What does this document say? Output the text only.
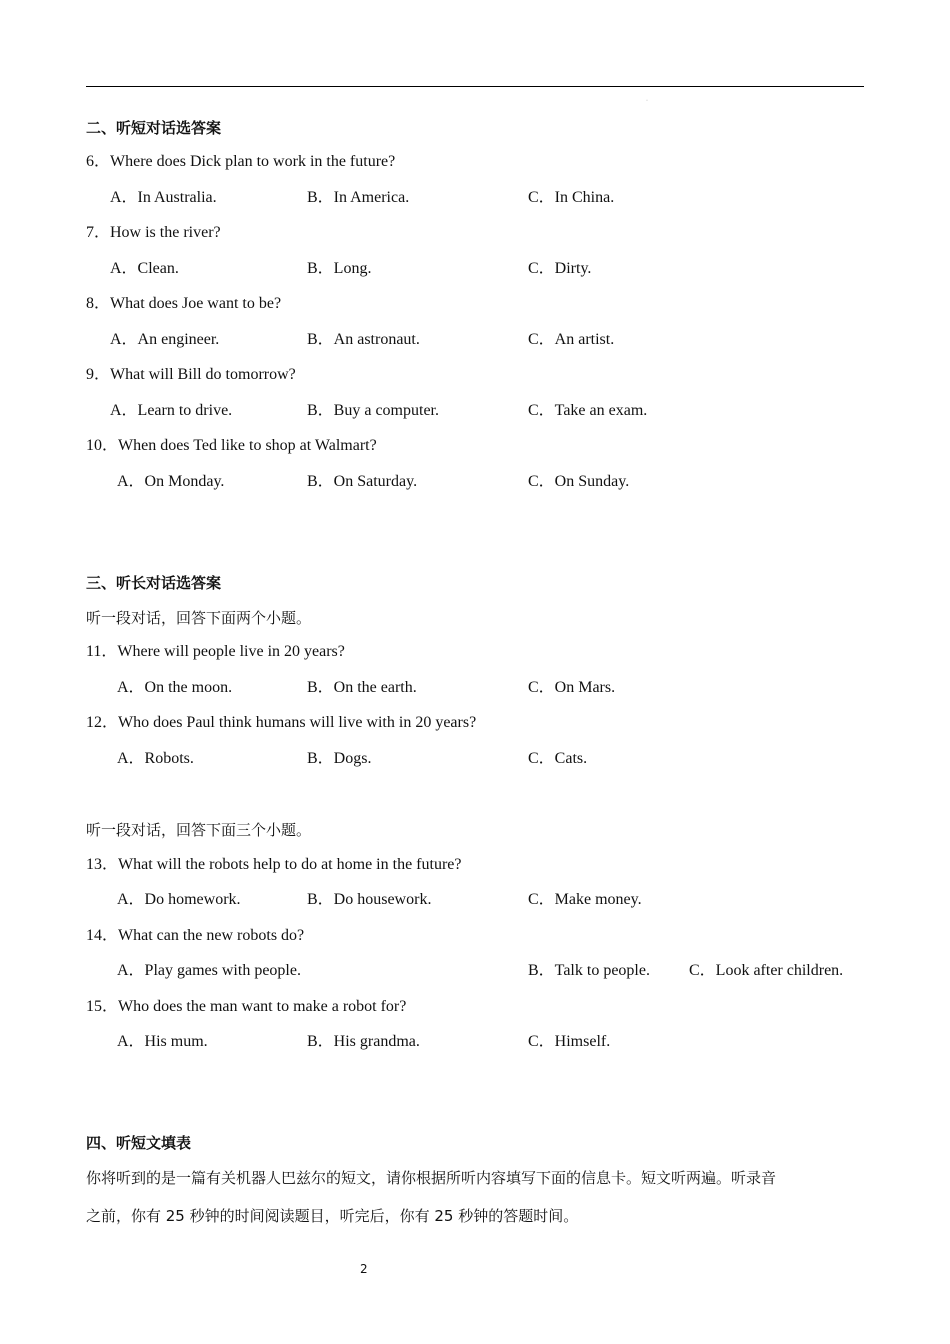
·
二、听短对话选答案
6．Where does Dick plan to work in the future?
A．In Australia.	B．In America.	C．In China.
7．How is the river?
A．Clean.	B．Long.	C．Dirty.
8．What does Joe want to be?
A．An engineer.	B．An astronaut.	C．An artist.
9．What will Bill do tomorrow?
A．Learn to drive.	B．Buy a computer.	C．Take an exam.
10．When does Ted like to shop at Walmart?
A．On Monday.	B．On Saturday.	C．On Sunday.
三、听长对话选答案
听一段对话，回答下面两个小题。
11．Where will people live in 20 years?
A．On the moon.	B．On the earth.	C．On Mars.
12．Who does Paul think humans will live with in 20 years?
A．Robots.	B．Dogs.	C．Cats.
听一段对话，回答下面三个小题。
13．What will the robots help to do at home in the future?
A．Do homework.	B．Do housework.	C．Make money.
14．What can the new robots do?
A．Play games with people.	B．Talk to people. C．Look after children.
15．Who does the man want to make a robot for?
A．His mum.	B．His grandma.	C．Himself.
四、听短文填表
你将听到的是一篇有关机器人巴兹尔的短文，请你根据所听内容填写下面的信息卡。短文听两遍。听录音
之前，你有 25 秒钟的时间阅读题目，听完后，你有 25 秒钟的答题时间。
2
